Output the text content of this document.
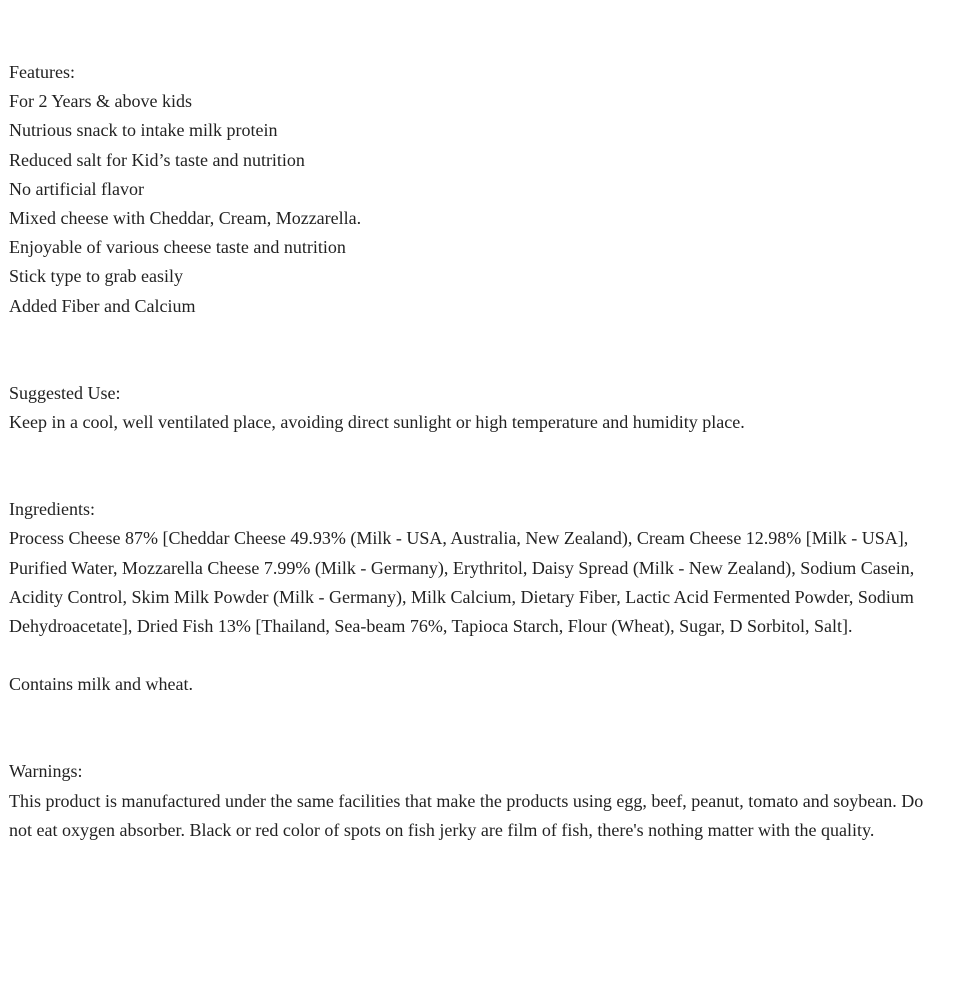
Features:

For 2 Years & above kids

Nutrious snack to intake milk protein

Reduced salt for Kid’s taste and nutrition

No artificial flavor

Mixed cheese with Cheddar, Cream, Mozzarella.

Enjoyable of various cheese taste and nutrition

Stick type to grab easily

Added Fiber and Calcium

Suggested Use:

Keep in a cool, well ventilated place, avoiding direct sunlight or high temperature and humidity place.

Ingredients:

Process Cheese 87% [Cheddar Cheese 49.93% (Milk - USA, Australia, New Zealand), Cream Cheese 12.98% [Milk - USA], Purified Water, Mozzarella Cheese 7.99% (Milk - Germany), Erythritol, Daisy Spread (Milk - New Zealand), Sodium Casein, Acidity Control, Skim Milk Powder (Milk - Germany), Milk Calcium, Dietary Fiber, Lactic Acid Fermented Powder, Sodium Dehydroacetate], Dried Fish 13% [Thailand, Sea-beam 76%, Tapioca Starch, Flour (Wheat), Sugar, D Sorbitol, Salt].

Contains milk and wheat.

Warnings:

This product is manufactured under the same facilities that make the products using egg, beef, peanut, tomato and soybean. Do not eat oxygen absorber. Black or red color of spots on fish jerky are film of fish, there's nothing matter with the quality.
